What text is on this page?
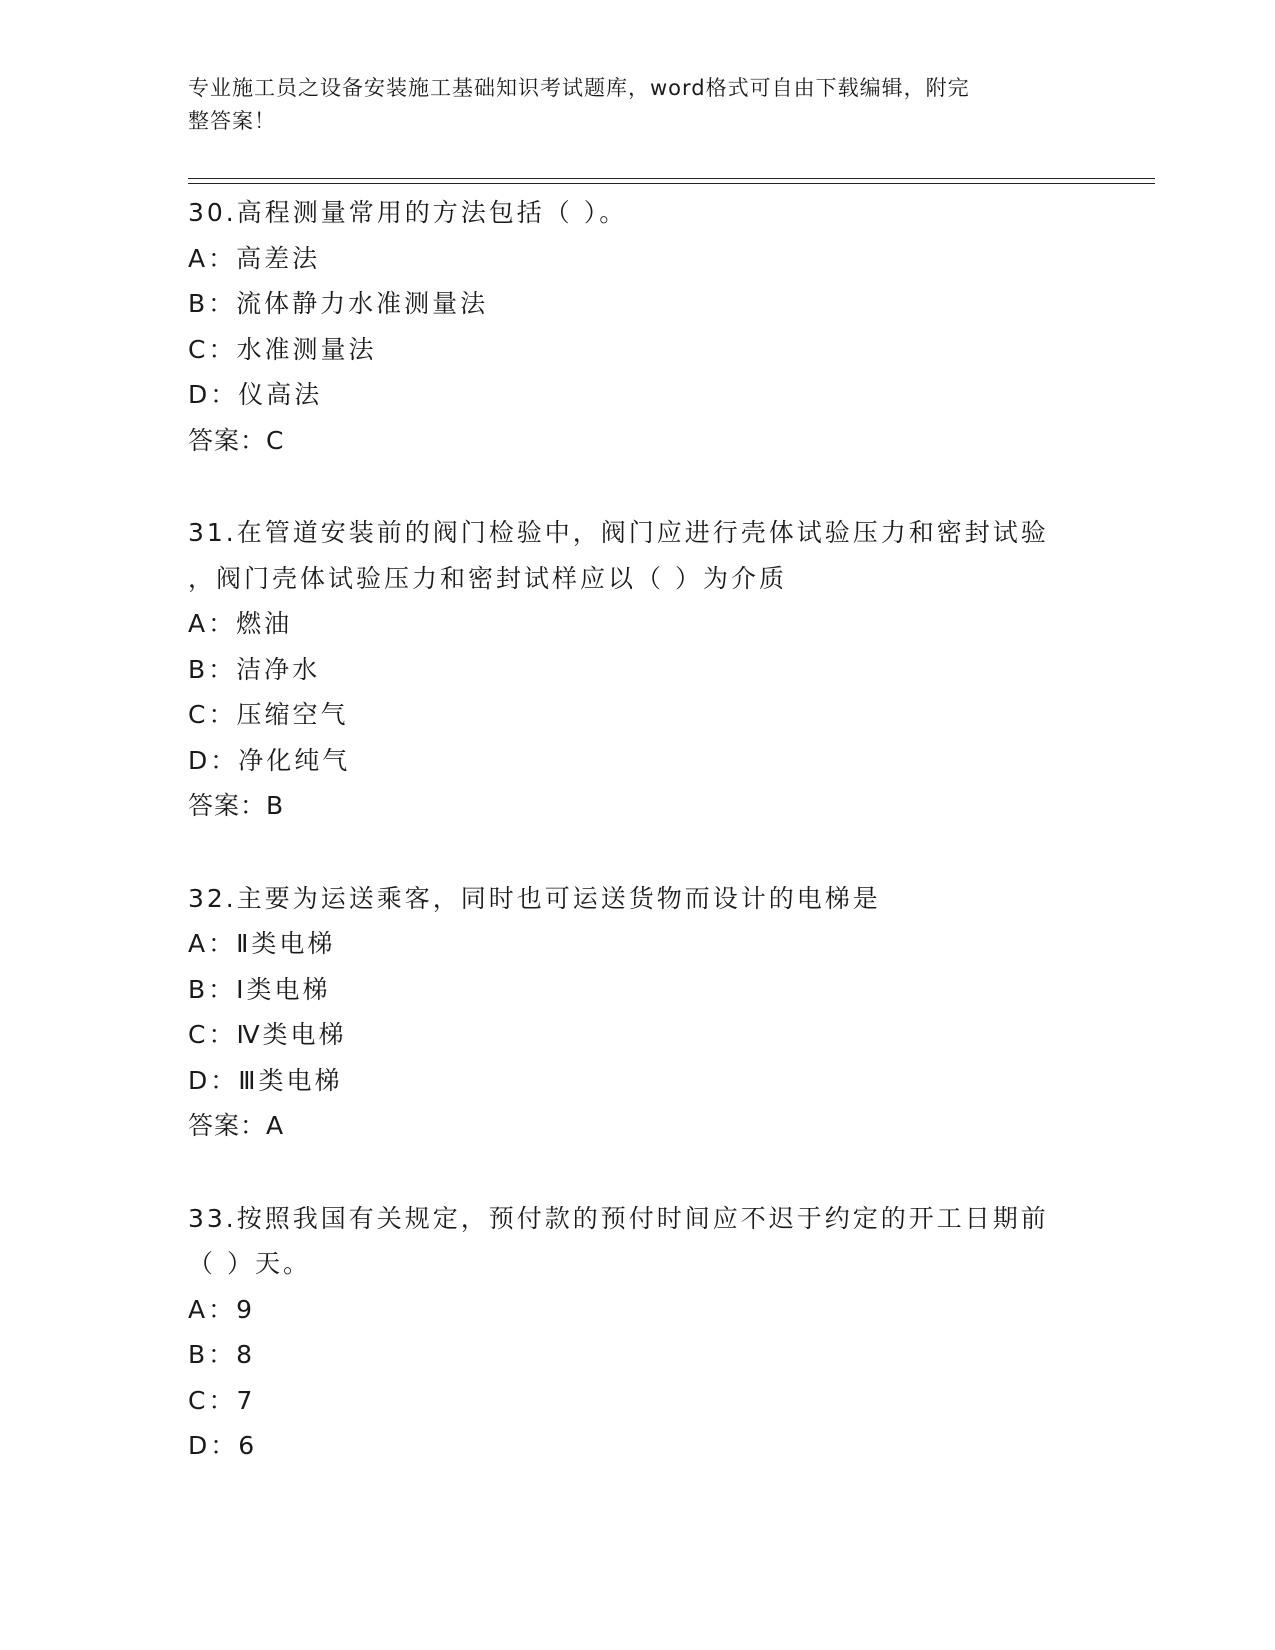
专业施工员之设备安装施工基础知识考试题库，word格式可自由下载编辑，附完
整答案！
30.高程测量常用的方法包括（ ）。
A：高差法
B：流体静力水准测量法
C：水准测量法
D：仪高法
答案：C
31.在管道安装前的阀门检验中，阀门应进行壳体试验压力和密封试验
，阀门壳体试验压力和密封试样应以（ ）为介质
A：燃油
B：洁净水
C：压缩空气
D：净化纯气
答案：B
32.主要为运送乘客，同时也可运送货物而设计的电梯是
A：Ⅱ类电梯
B：Ⅰ类电梯
C：Ⅳ类电梯
D：Ⅲ类电梯
答案：A
33.按照我国有关规定，预付款的预付时间应不迟于约定的开工日期前
（ ）天。
A：9
B：8
C：7
D：6
